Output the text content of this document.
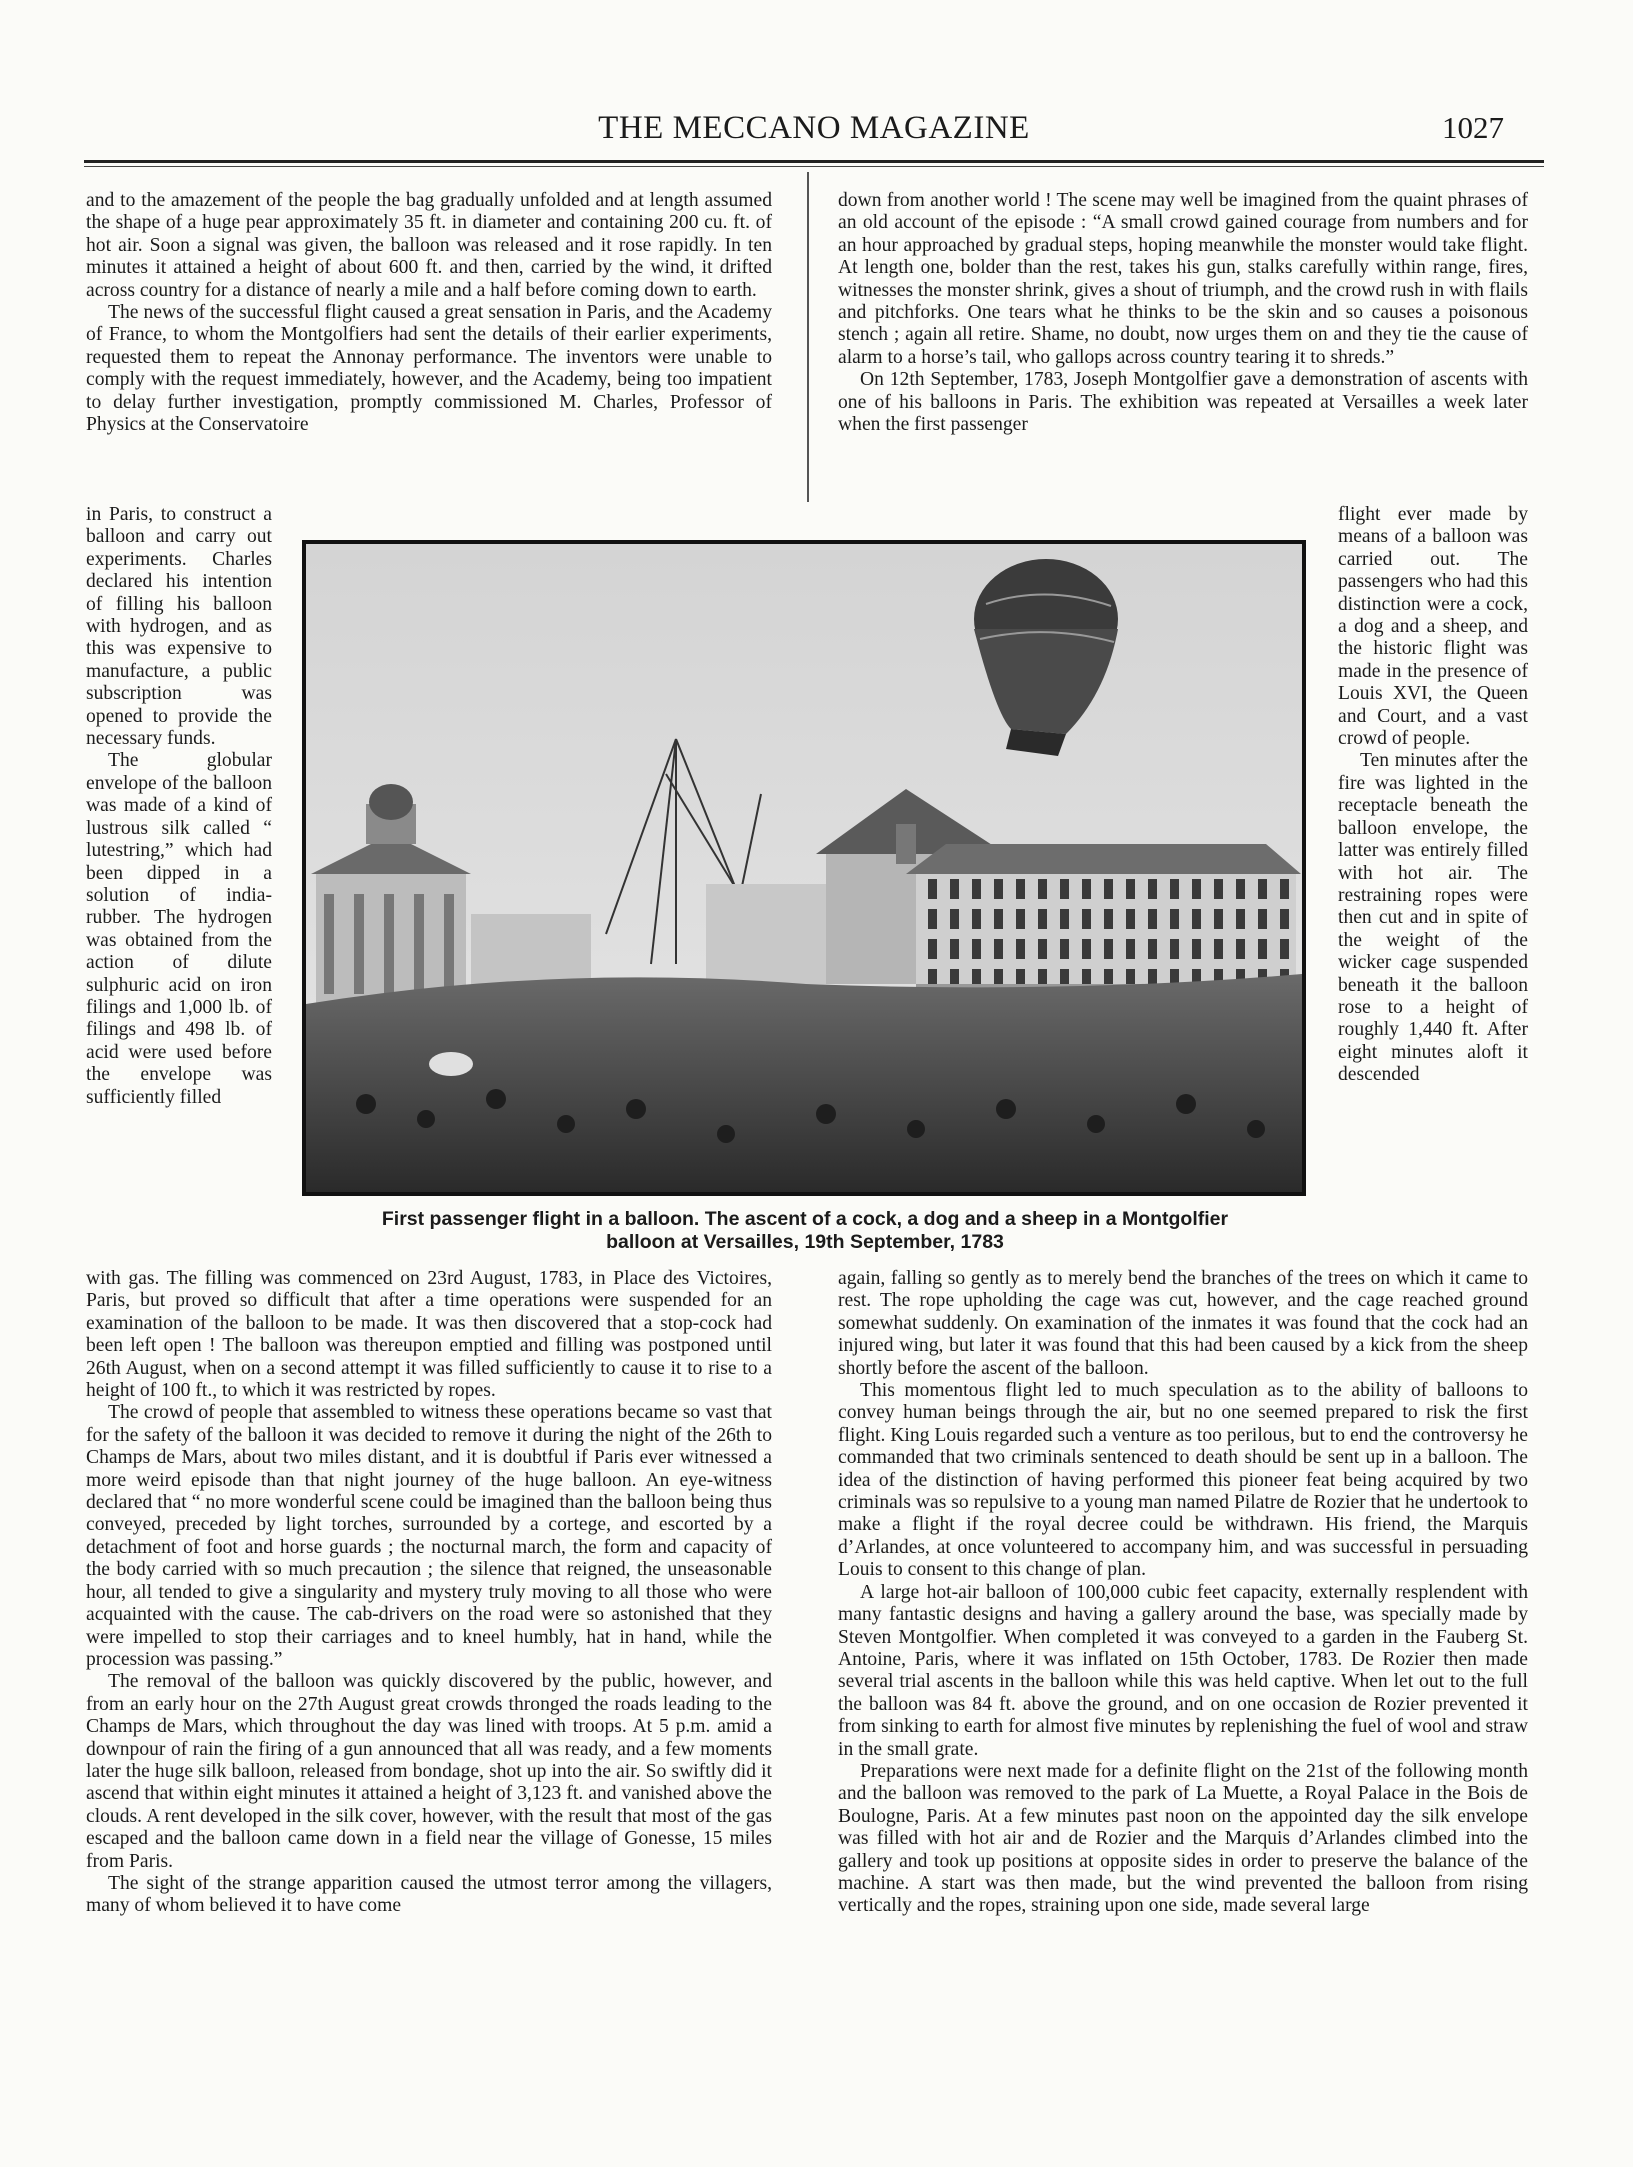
THE MECCANO MAGAZINE	1027

and to the amazement of the people the bag gradually unfolded and at length assumed the shape of a huge pear approximately 35 ft. in diameter and containing 200 cu. ft. of hot air. Soon a signal was given, the balloon was released and it rose rapidly. In ten minutes it attained a height of about 600 ft. and then, carried by the wind, it drifted across country for a distance of nearly a mile and a half before coming down to earth.

The news of the successful flight caused a great sensation in Paris, and the Academy of France, to whom the Montgolfiers had sent the details of their earlier experiments, requested them to repeat the Annonay performance. The inventors were unable to comply with the request immediately, however, and the Academy, being too impatient to delay further investigation, promptly commissioned M. Charles, Professor of Physics at the Conservatoire

in Paris, to construct a balloon and carry out experiments. Charles declared his intention of filling his balloon with hydrogen, and as this was expensive to manufacture, a public subscription was opened to provide the necessary funds.

The globular envelope of the balloon was made of a kind of lustrous silk called “ lutestring,” which had been dipped in a solution of india-rubber. The hydrogen was obtained from the action of dilute sulphuric acid on iron filings and 1,000 lb. of filings and 498 lb. of acid were used before the envelope was sufficiently filled

with gas. The filling was commenced on 23rd August, 1783, in Place des Victoires, Paris, but proved so difficult that after a time operations were suspended for an examination of the balloon to be made. It was then discovered that a stop-cock had been left open ! The balloon was thereupon emptied and filling was postponed until 26th August, when on a second attempt it was filled sufficiently to cause it to rise to a height of 100 ft., to which it was restricted by ropes.

The crowd of people that assembled to witness these operations became so vast that for the safety of the balloon it was decided to remove it during the night of the 26th to Champs de Mars, about two miles distant, and it is doubtful if Paris ever witnessed a more weird episode than that night journey of the huge balloon. An eye-witness declared that “ no more wonderful scene could be imagined than the balloon being thus conveyed, preceded by light torches, surrounded by a cortege, and escorted by a detachment of foot and horse guards ; the nocturnal march, the form and capacity of the body carried with so much precaution ; the silence that reigned, the unseasonable hour, all tended to give a singularity and mystery truly moving to all those who were acquainted with the cause. The cab-drivers on the road were so astonished that they were impelled to stop their carriages and to kneel humbly, hat in hand, while the procession was passing.”

The removal of the balloon was quickly discovered by the public, however, and from an early hour on the 27th August great crowds thronged the roads leading to the Champs de Mars, which throughout the day was lined with troops. At 5 p.m. amid a downpour of rain the firing of a gun announced that all was ready, and a few moments later the huge silk balloon, released from bondage, shot up into the air. So swiftly did it ascend that within eight minutes it attained a height of 3,123 ft. and vanished above the clouds. A rent developed in the silk cover, however, with the result that most of the gas escaped and the balloon came down in a field near the village of Gonesse, 15 miles from Paris.

The sight of the strange apparition caused the utmost terror among the villagers, many of whom believed it to have come

down from another world ! The scene may well be imagined from the quaint phrases of an old account of the episode : “A small crowd gained courage from numbers and for an hour approached by gradual steps, hoping meanwhile the monster would take flight. At length one, bolder than the rest, takes his gun, stalks carefully within range, fires, witnesses the monster shrink, gives a shout of triumph, and the crowd rush in with flails and pitchforks. One tears what he thinks to be the skin and so causes a poisonous stench ; again all retire. Shame, no doubt, now urges them on and they tie the cause of alarm to a horse’s tail, who gallops across country tearing it to shreds.”

On 12th September, 1783, Joseph Montgolfier gave a demonstration of ascents with one of his balloons in Paris. The exhibition was repeated at Versailles a week later when the first passenger

flight ever made by means of a balloon was carried out. The passengers who had this distinction were a cock, a dog and a sheep, and the historic flight was made in the presence of Louis XVI, the Queen and Court, and a vast crowd of people.

Ten minutes after the fire was lighted in the receptacle beneath the balloon envelope, the latter was entirely filled with hot air. The restraining ropes were then cut and in spite of the weight of the wicker cage suspended beneath it the balloon rose to a height of roughly 1,440 ft. After eight minutes aloft it descended

again, falling so gently as to merely bend the branches of the trees on which it came to rest. The rope upholding the cage was cut, however, and the cage reached ground somewhat suddenly. On examination of the inmates it was found that the cock had an injured wing, but later it was found that this had been caused by a kick from the sheep shortly before the ascent of the balloon.

This momentous flight led to much speculation as to the ability of balloons to convey human beings through the air, but no one seemed prepared to risk the first flight. King Louis regarded such a venture as too perilous, but to end the controversy he commanded that two criminals sentenced to death should be sent up in a balloon. The idea of the distinction of having performed this pioneer feat being acquired by two criminals was so repulsive to a young man named Pilatre de Rozier that he undertook to make a flight if the royal decree could be withdrawn. His friend, the Marquis d’Arlandes, at once volunteered to accompany him, and was successful in persuading Louis to consent to this change of plan.

A large hot-air balloon of 100,000 cubic feet capacity, externally resplendent with many fantastic designs and having a gallery around the base, was specially made by Steven Montgolfier. When completed it was conveyed to a garden in the Fauberg St. Antoine, Paris, where it was inflated on 15th October, 1783. De Rozier then made several trial ascents in the balloon while this was held captive. When let out to the full the balloon was 84 ft. above the ground, and on one occasion de Rozier prevented it from sinking to earth for almost five minutes by replenishing the fuel of wool and straw in the small grate.

Preparations were next made for a definite flight on the 21st of the following month and the balloon was removed to the park of La Muette, a Royal Palace in the Bois de Boulogne, Paris. At a few minutes past noon on the appointed day the silk envelope was filled with hot air and de Rozier and the Marquis d’Arlandes climbed into the gallery and took up positions at opposite sides in order to preserve the balance of the machine. A start was then made, but the wind prevented the balloon from rising vertically and the ropes, straining upon one side, made several large

First passenger flight in a balloon. The ascent of a cock, a dog and a sheep in a Montgolfier
balloon at Versailles, 19th September, 1783
